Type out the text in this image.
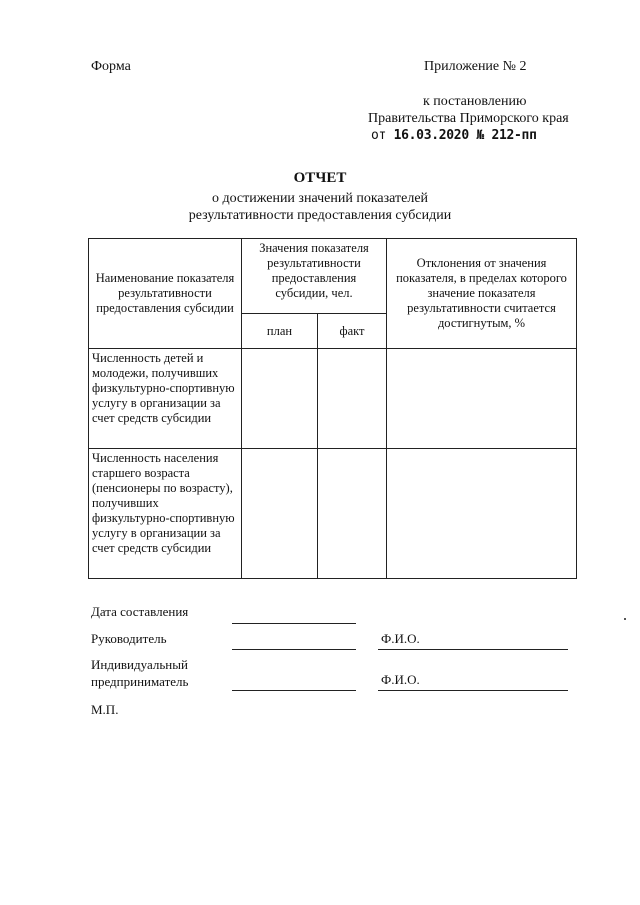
Форма	Приложение № 2
к постановлению
Правительства Приморского края
от 16.03.2020 № 212-пп
ОТЧЕТ
о достижении значений показателей
результативности предоставления субсидии
Наименование показателя результативности предоставления субсидии	Значения показателя результативности предоставления субсидии, чел.		Отклонения от значения показателя, в пределах которого значение показателя результативности считается достигнутым, %
	план	факт	
Численность детей и молодежи, получивших физкультурно-спортивную услугу в организации за счет средств субсидии			
Численность населения старшего возраста (пенсионеры по возрасту), получивших физкультурно-спортивную услугу в организации за счет средств субсидии			
Дата составления
Руководитель	Ф.И.О.
Индивидуальный
предприниматель	Ф.И.О.
М.П.
